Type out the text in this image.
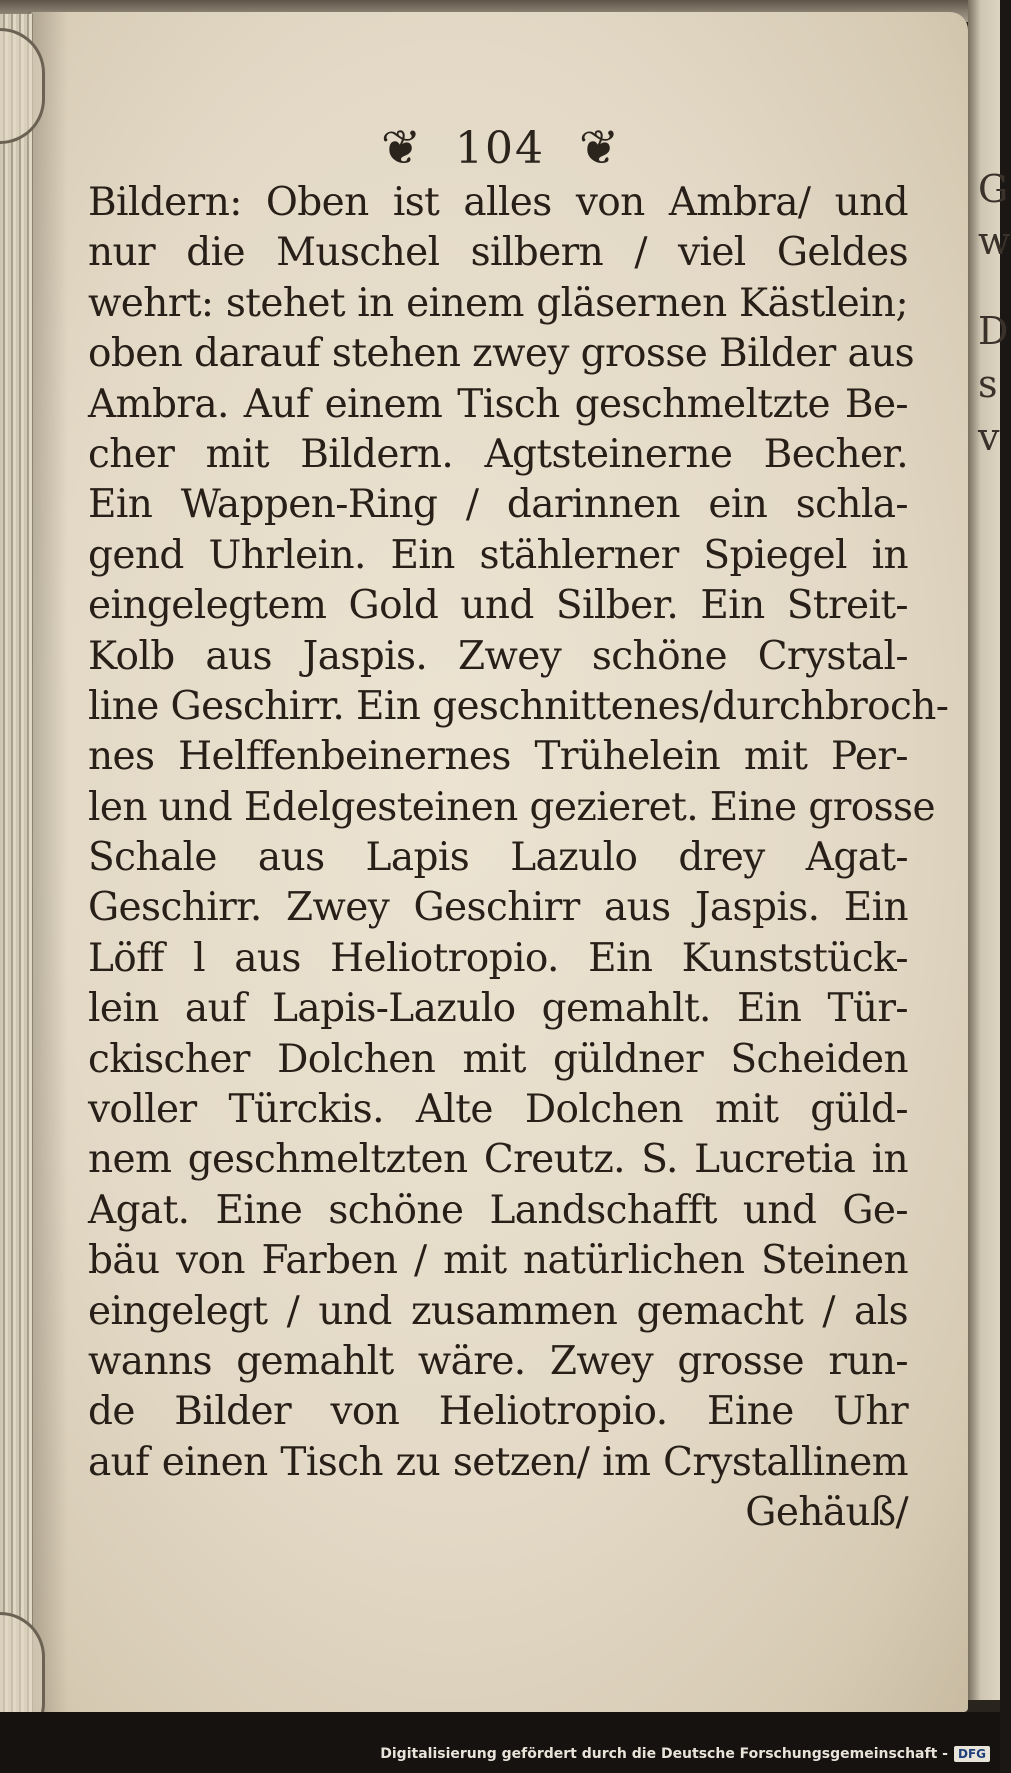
G
w
D
s
v
❦ 104 ❦
Bildern: Oben ist alles von Ambra/ und
nur die Muschel silbern / viel Geldes
wehrt: stehet in einem gläsernen Kästlein;
oben darauf stehen zwey grosse Bilder aus
Ambra. Auf einem Tisch geschmeltzte Be-
cher mit Bildern. Agtsteinerne Becher.
Ein Wappen-Ring / darinnen ein schla-
gend Uhrlein. Ein stählerner Spiegel in
eingelegtem Gold und Silber. Ein Streit-
Kolb aus Jaspis. Zwey schöne Crystal-
line Geschirr. Ein geschnittenes/durchbroch-
nes Helffenbeinernes Trühelein mit Per-
len und Edelgesteinen gezieret. Eine grosse
Schale aus Lapis Lazulo drey Agat-
Geschirr. Zwey Geschirr aus Jaspis. Ein
Löff l aus Heliotropio. Ein Kunststück-
lein auf Lapis-Lazulo gemahlt. Ein Tür-
ckischer Dolchen mit güldner Scheiden
voller Türckis. Alte Dolchen mit güld-
nem geschmeltzten Creutz. S. Lucretia in
Agat. Eine schöne Landschafft und Ge-
bäu von Farben / mit natürlichen Steinen
eingelegt / und zusammen gemacht / als
wanns gemahlt wäre. Zwey grosse run-
de Bilder von Heliotropio. Eine Uhr
auf einen Tisch zu setzen/ im Crystallinem
Gehäuß/
Digitalisierung gefördert durch die Deutsche Forschungsgemeinschaft - DFG
